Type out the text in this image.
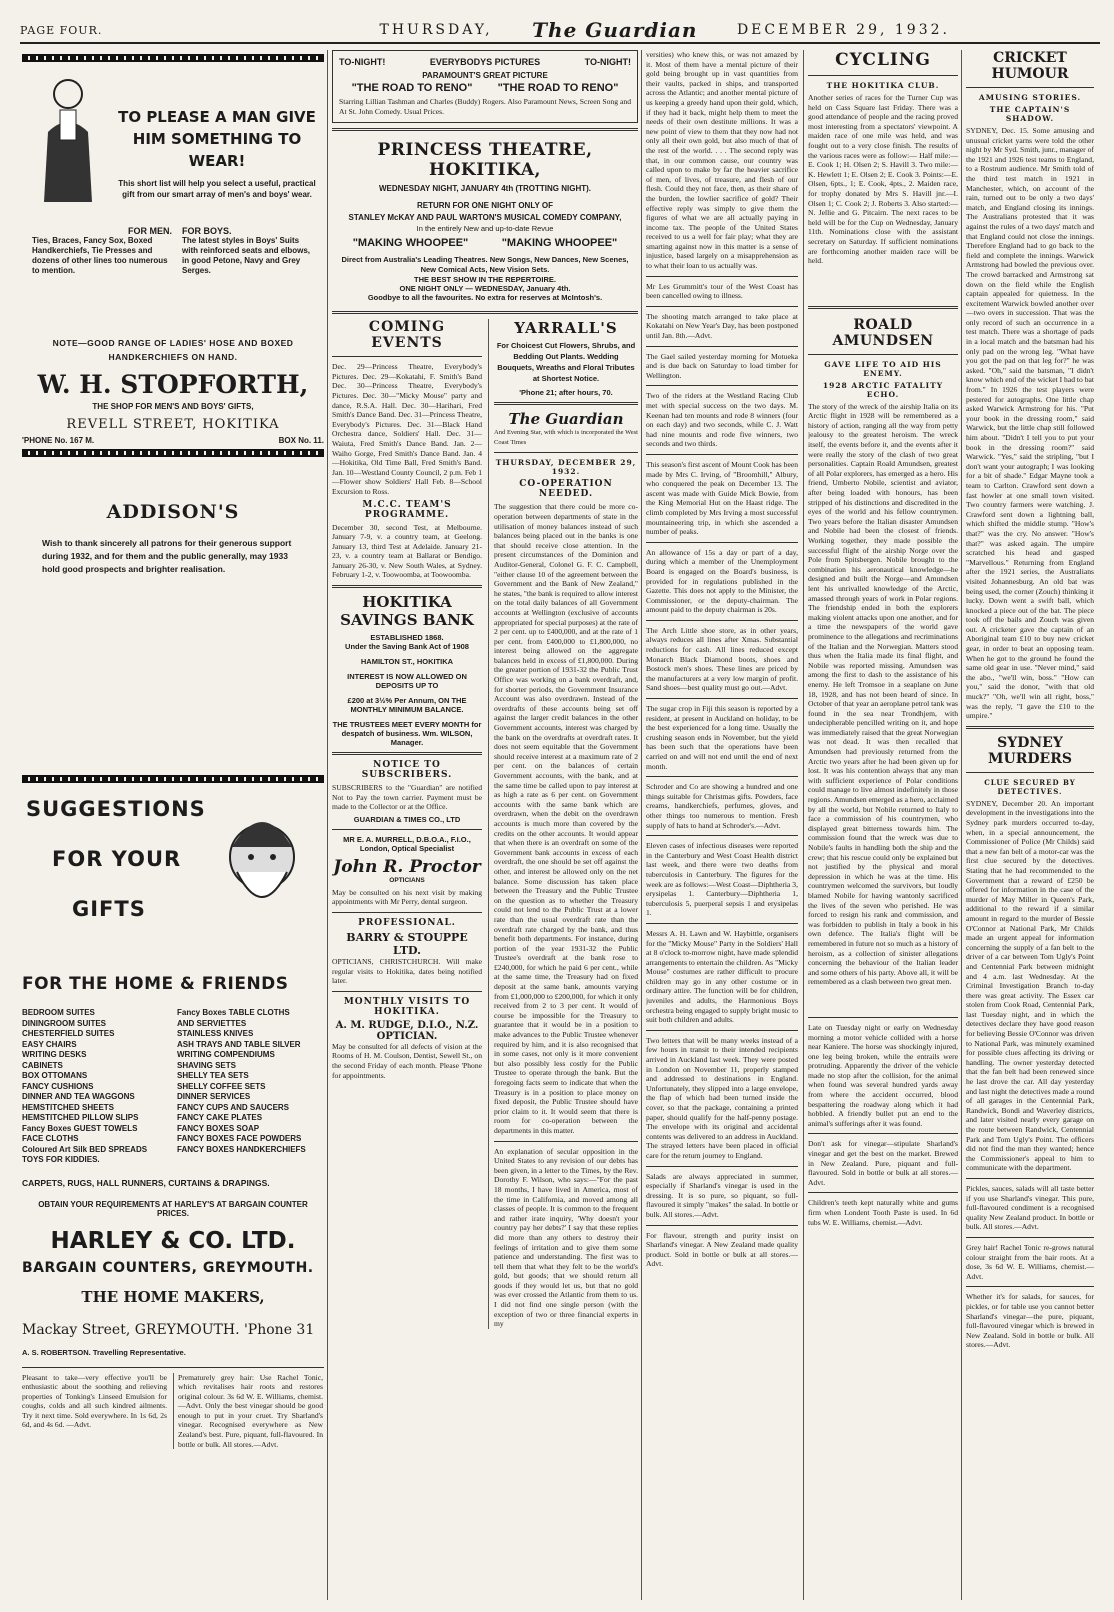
PAGE FOUR.	THURSDAY, The Guardian	DECEMBER 29, 1932.
TO PLEASE A MAN GIVE HIM SOMETHING TO WEAR!
This short list will help you select a useful, practical gift from our smart array of men's and boys' wear.
FOR MEN.
Ties, Braces, Fancy Sox, Boxed Handkerchiefs, Tie Presses and dozens of other lines too numerous to mention.
FOR BOYS.
The latest styles in Boys' Suits with reinforced seats and elbows, in good Petone, Navy and Grey Serges.
NOTE—GOOD RANGE OF LADIES' HOSE AND BOXED HANDKERCHIEFS ON HAND.
W. H. STOPFORTH,
THE SHOP FOR MEN'S AND BOYS' GIFTS,
REVELL STREET, HOKITIKA
'PHONE No. 167 M.	BOX No. 11.
ADDISON'S
Wish to thank sincerely all patrons for their generous support during 1932, and for them and the public generally, may 1933 hold good prospects and brighter realisation.
SUGGESTIONS
FOR YOUR
GIFTS
FOR THE HOME & FRIENDS
BEDROOM SUITES
DININGROOM SUITES
CHESTERFIELD SUITES
EASY CHAIRS
WRITING DESKS
CABINETS
BOX OTTOMANS
FANCY CUSHIONS
DINNER AND TEA WAGGONS
HEMSTITCHED SHEETS
HEMSTITCHED PILLOW SLIPS
Fancy Boxes GUEST TOWELS
FACE CLOTHS
Coloured Art Silk BED SPREADS
TOYS FOR KIDDIES.
Fancy Boxes TABLE CLOTHS
AND SERVIETTES
STAINLESS KNIVES
ASH TRAYS AND TABLE SILVER
WRITING COMPENDIUMS
SHAVING SETS
SHELLY TEA SETS
SHELLY COFFEE SETS
DINNER SERVICES
FANCY CUPS AND SAUCERS
FANCY CAKE PLATES
FANCY BOXES SOAP
FANCY BOXES FACE POWDERS
FANCY BOXES HANDKERCHIEFS
CARPETS, RUGS, HALL RUNNERS, CURTAINS & DRAPINGS.
OBTAIN YOUR REQUIREMENTS AT HARLEY'S AT BARGAIN COUNTER PRICES.
HARLEY & CO. LTD.
BARGAIN COUNTERS, GREYMOUTH.
THE HOME MAKERS,
Mackay Street, GREYMOUTH. 'Phone 31
A. S. ROBERTSON. Travelling Representative.
Pleasant to take—very effective you'll be enthusiastic about the soothing and relieving properties of Tonking's Linseed Emulsion for coughs, colds and all such kindred ailments. Try it next time. Sold everywhere. In 1s 6d, 2s 6d, and 4s 6d. —Advt.
Prematurely grey hair: Use Rachel Tonic, which revitalises hair roots and restores original colour. 3s 6d W. E. Williams, chemist.—Advt. Only the best vinegar should be good enough to put in your cruet. Try Sharland's vinegar. Recognised everywhere as New Zealand's best. Pure, piquant, full-flavoured. In bottle or bulk. All stores.—Advt.
TO-NIGHT!	EVERYBODYS PICTURES	TO-NIGHT!
PARAMOUNT'S GREAT PICTURE
"THE ROAD TO RENO" "THE ROAD TO RENO"
Starring Lillian Tashman and Charles (Buddy) Rogers. Also Paramount News, Screen Song and At St. John Comedy. Usual Prices.
PRINCESS THEATRE, HOKITIKA,
WEDNESDAY NIGHT, JANUARY 4th (TROTTING NIGHT).
RETURN FOR ONE NIGHT ONLY OF
STANLEY McKAY AND PAUL WARTON'S MUSICAL COMEDY COMPANY,
In the entirely New and up-to-date Revue
"MAKING WHOOPEE"	"MAKING WHOOPEE"
Direct from Australia's Leading Theatres. New Songs, New Dances, New Scenes, New Comical Acts, New Vision Sets.
THE BEST SHOW IN THE REPERTOIRE.
ONE NIGHT ONLY — WEDNESDAY, January 4th.
Goodbye to all the favourites. No extra for reserves at McIntosh's.
COMING EVENTS
Dec. 29—Princess Theatre, Everybody's Pictures. Dec. 29—Kokatahi, F. Smith's Band Dec. 30—Princess Theatre, Everybody's Pictures. Dec. 30—"Micky Mouse" party and dance, R.S.A. Hall. Dec. 30—Harihari, Fred Smith's Dance Band. Dec. 31—Princess Theatre, Everybody's Pictures. Dec. 31—Black Hand Orchestra dance, Soldiers' Hall. Dec. 31—Waiuta, Fred Smith's Dance Band. Jan. 2—Waiho Gorge, Fred Smith's Dance Band. Jan. 4—Hokitika, Old Time Ball, Fred Smith's Band. Jan. 10—Westland County Council, 2 p.m. Feb 1—Flower show Soldiers' Hall Feb. 8—School Excursion to Ross.
M.C.C. TEAM'S PROGRAMME.
December 30, second Test, at Melbourne. January 7-9, v. a country team, at Geelong. January 13, third Test at Adelaide. January 21-23, v. a country team at Ballarat or Bendigo. January 26-30, v. New South Wales, at Sydney. February 1-2, v. Toowoomba, at Toowoomba.
HOKITIKA SAVINGS BANK
ESTABLISHED 1868.
Under the Saving Bank Act of 1908
HAMILTON ST., HOKITIKA
INTEREST IS NOW ALLOWED ON DEPOSITS UP TO
£200 at 3½% Per Annum, ON THE MONTHLY MINIMUM BALANCE.
THE TRUSTEES MEET EVERY MONTH for despatch of business. Wm. WILSON, Manager.
NOTICE TO SUBSCRIBERS.
SUBSCRIBERS to the "Guardian" are notified Not to Pay the town carrier. Payment must be made to the Collector or at the Office.
GUARDIAN & TIMES CO., LTD
MR E. A. MURRELL, D.B.O.A., F.I.O., London, Optical Specialist
John R. Proctor
OPTICIANS
May be consulted on his next visit by making appointments with Mr Perry, dental surgeon.
PROFESSIONAL.
BARRY & STOUPPE LTD.
OPTICIANS, CHRISTCHURCH. Will make regular visits to Hokitika, dates being notified later.
MONTHLY VISITS TO HOKITIKA.
A. M. RUDGE, D.I.O., N.Z. OPTICIAN.
May be consulted for all defects of vision at the Rooms of H. M. Coulson, Dentist, Sewell St., on the second Friday of each month. Please 'Phone for appointments.
YARRALL'S
For Choicest Cut Flowers, Shrubs, and Bedding Out Plants. Wedding Bouquets, Wreaths and Floral Tributes at Shortest Notice.
'Phone 21; after hours, 70.
The Guardian
And Evening Star, with which is incorporated the West Coast Times
THURSDAY, DECEMBER 29, 1932.
CO-OPERATION NEEDED.
The suggestion that there could be more co-operation between departments of state in the utilisation of money balances instead of such balances being placed out in the banks is one that should receive close attention. In the present circumstances of the Dominion and Auditor-General, Colonel G. F. C. Campbell, "either clause 10 of the agreement between the Government and the Bank of New Zealand," he states, "the bank is required to allow interest on the total daily balances of all Government accounts at Wellington (exclusive of accounts appropriated for special purposes) at the rate of 2 per cent. up to £400,000, and at the rate of 1 per cent. from £400,000 to £1,800,000, no interest being allowed on the aggregate balances held in excess of £1,800,000. During the greater portion of 1931-32 the Public Trust Office was working on a bank overdraft, and, for shorter periods, the Government Insurance Account was also overdrawn. Instead of the overdrafts of these accounts being set off against the larger credit balances in the other Government accounts, interest was charged by the bank on the overdrafts at overdraft rates. It does not seem equitable that the Government should receive interest at a maximum rate of 2 per cent. on the balances of certain Government accounts, with the bank, and at the same time be called upon to pay interest at as high a rate as 6 per cent. on Government accounts with the same bank which are overdrawn, when the debit on the overdrawn accounts is much more than covered by the credits on the other accounts. It would appear that when there is an overdraft on some of the Government bank accounts in excess of each overdraft, the one should be set off against the other, and interest be allowed only on the net balance. Some discussion has taken place between the Treasury and the Public Trustee on the question as to whether the Treasury could not lend to the Public Trust at a lower rate than the usual overdraft rate than the overdraft rate charged by the bank, and thus benefit both departments. For instance, during portion of the year 1931-32 the Public Trustee's overdraft at the bank rose to £240,000, for which he paid 6 per cent., while at the same time, the Treasury had on fixed deposit at the same bank, amounts varying from £1,000,000 to £200,000, for which it only received from 2 to 3 per cent. It would of course be impossible for the Treasury to guarantee that it would be in a position to make advances to the Public Trustee whenever required by him, and it is also recognised that in some cases, not only is it more convenient but also possibly less costly for the Public Trustee to operate through the bank. But the foregoing facts seem to indicate that when the Treasury is in a position to place money on fixed deposit, the Public Trustee should have prior claim to it. It would seem that there is room for co-operation between the departments in this matter.
An explanation of secular opposition in the United States to any revision of our debts has been given, in a letter to the Times, by the Rev. Dorothy F. Wilson, who says:—"For the past 18 months, I have lived in America, most of the time in California, and moved among all classes of people. It is common to the frequent and rather irate inquiry, 'Why doesn't your country pay her debts?' I say that these replies did more than any others to destroy their feelings of irritation and to give them some patience and understanding. The first was to tell them that what they felt to be the world's gold, but goods; that we should return all goods if they would let us, but that no gold was ever crossed the Atlantic from them to us. I did not find one single person (with the exception of two or three financial experts in my
versities) who knew this, or was not amazed by it. Most of them have a mental picture of their gold being brought up in vast quantities from their vaults, packed in ships, and transported across the Atlantic; and another mental picture of us keeping a greedy hand upon their gold, which, if they had it back, might help them to meet the needs of their own destitute millions. It was a new point of view to them that they now had not only all their own gold, but also much of that of the rest of the world. . . . The second reply was that, in our common cause, our country was called upon to make by far the heavier sacrifice of men, of lives, of treasure, and flesh of our flesh. Could they not face, then, as their share of the burden, the lowlier sacrifice of gold? Their effective reply was simply to give them the figures of what we are all actually paying in income tax. The people of the United States received to us a well for fair play; what they are smarting against now in this matter is a sense of injustice, based largely on a misapprehension as to what their loan to us actually was.
Mr Les Grummitt's tour of the West Coast has been cancelled owing to illness.
The shooting match arranged to take place at Kokatahi on New Year's Day, has been postponed until Jan. 8th.—Advt.
The Gael sailed yesterday morning for Motueka and is due back on Saturday to load timber for Wellington.
Two of the riders at the Westland Racing Club met with special success on the two days. M. Keenan had ten mounts and rode 8 winners (four on each day) and two seconds, while C. J. Watt had nine mounts and rode five winners, two seconds and two thirds.
This season's first ascent of Mount Cook has been made by Mrs C. Irving, of "Broomhill," Albury, who conquered the peak on December 13. The ascent was made with Guide Mick Bowie, from the King Memorial Hut on the Haast ridge. The climb completed by Mrs Irving a most successful mountaineering trip, in which she ascended a number of peaks.
An allowance of 15s a day or part of a day, during which a member of the Unemployment Board is engaged on the Board's business, is provided for in regulations published in the Gazette. This does not apply to the Minister, the Commissioner, or the deputy-chairman. The amount paid to the deputy chairman is 20s.
The Arch Little shoe store, as in other years, always reduces all lines after Xmas. Substantial reductions for cash. All lines reduced except Monarch Black Diamond boots, shoes and Bostock men's shoes. These lines are priced by the manufacturers at a very low margin of profit. Sand shoes—best quality must go out.—Advt.
The sugar crop in Fiji this season is reported by a resident, at present in Auckland on holiday, to be the best experienced for a long time. Usually the crushing season ends in November, but the yield has been such that the operations have been carried on and will not end until the end of next month.
Schroder and Co are showing a hundred and one things suitable for Christmas gifts. Powders, face creams, handkerchiefs, perfumes, gloves, and other things too numerous to mention. Fresh supply of hats to hand at Schroder's.—Advt.
Eleven cases of infectious diseases were reported in the Canterbury and West Coast Health district last week, and there were two deaths from tuberculosis in Canterbury. The figures for the week are as follows:—West Coast—Diphtheria 3, erysipelas 1. Canterbury—Diphtheria 1, tuberculosis 5, puerperal sepsis 1 and erysipelas 1.
Messrs A. H. Lawn and W. Haybittle, organisers for the "Micky Mouse" Party in the Soldiers' Hall at 8 o'clock to-morrow night, have made splendid arrangements to entertain the children. As "Micky Mouse" costumes are rather difficult to procure children may go in any other costume or in ordinary attire. The function will be for children, juveniles and adults, the Harmonious Boys orchestra being engaged to supply bright music to suit both children and adults.
Two letters that will be many weeks instead of a few hours in transit to their intended recipients arrived in Auckland last week. They were posted in London on November 11, properly stamped and addressed to destinations in England. Unfortunately, they slipped into a large envelope, the flap of which had been turned inside the cover, so that the package, containing a printed paper, should qualify for the half-penny postage. The envelope with its original and accidental contents was delivered to an address in Auckland. The strayed letters have been placed in official care for the return journey to England.
Salads are always appreciated in summer, especially if Sharland's vinegar is used in the dressing. It is so pure, so piquant, so full-flavoured it simply "makes" the salad. In bottle or bulk. All stores.—Advt.
For flavour, strength and purity insist on Sharland's vinegar. A New Zealand made quality product. Sold in bottle or bulk at all stores.—Advt.
CYCLING
THE HOKITIKA CLUB.
Another series of races for the Turner Cup was held on Cass Square last Friday. There was a good attendance of people and the racing proved most interesting from a spectators' viewpoint. A maiden race of one mile was held, and was fought out to a very close finish. The results of the various races were as follow:— Half mile:—E. Cook 1; H. Olsen 2; S. Havill 3. Two mile:—K. Hewlett 1; E. Olsen 2; E. Cook 3. Points:—E. Olsen, 6pts., 1; E. Cook, 4pts., 2. Maiden race, for trophy donated by Mrs S. Havill jnr.—I. Olsen 1; C. Cook 2; J. Roberts 3. Also started:—N. Jellie and G. Pitcairn. The next races to be held will be for the Cup on Wednesday, January 11th. Nominations close with the assistant secretary on Saturday. If sufficient nominations are forthcoming another maiden race will be held.
ROALD AMUNDSEN
GAVE LIFE TO AID HIS ENEMY.
1928 ARCTIC FATALITY ECHO.
The story of the wreck of the airship Italia on its Arctic flight in 1928 will be remembered as a history of action, ranging all the way from petty jealousy to the greatest heroism. The wreck itself, the events before it, and the events after it were really the story of the clash of two great personalities. Captain Roald Amundsen, greatest of all Polar explorers, has emerged as a hero. His friend, Umberto Nobile, scientist and aviator, after being loaded with honours, has been stripped of his distinctions and discredited in the eyes of the world and his fellow countrymen. Two years before the Italian disaster Amundsen and Nobile had been the closest of friends. Working together, they made possible the successful flight of the airship Norge over the Pole from Spitsbergen. Nobile brought to the combination his aeronautical knowledge—he designed and built the Norge—and Amundsen lent his unrivalled knowledge of the Arctic, amassed through years of work in Polar regions. The friendship ended in both the explorers making violent attacks upon one another, and for a time the newspapers of the world gave prominence to the allegations and recriminations of the Italian and the Norwegian. Matters stood thus when the Italia made its final flight, and Nobile was reported missing. Amundsen was among the first to dash to the assistance of his enemy. He left Tromsoe in a seaplane on June 18, 1928, and has not been heard of since. In October of that year an aeroplane petrol tank was found in the sea near Trondhjem, with undecipherable pencilled writing on it, and hope was immediately raised that the great Norwegian was not dead. It was then recalled that Amundsen had previously returned from the Arctic two years after he had been given up for lost. It was his contention always that any man with sufficient experience of Polar conditions could manage to live almost indefinitely in those regions. Amundsen emerged as a hero, acclaimed by all the world, but Nobile returned to Italy to face a commission of his countrymen, who displayed great bitterness towards him. The commission found that the wreck was due to Nobile's faults in handling both the ship and the crew; that his rescue could only be explained but not justified by the physical and moral depression in which he was at the time. His countrymen welcomed the survivors, but loudly blamed Nobile for having wantonly sacrificed the lives of the seven who perished. He was forced to resign his rank and commission, and was forbidden to publish in Italy a book in his own defence. The Italia's flight will be remembered in future not so much as a history of heroism, as a collection of sinister allegations concerning the behaviour of the Italian leader and some others of his party. Above all, it will be remembered as a clash between two great men.
Late on Tuesday night or early on Wednesday morning a motor vehicle collided with a horse near Kaniere. The horse was shockingly injured, one leg being broken, while the entrails were protruding. Apparently the driver of the vehicle made no stop after the collision, for the animal when found was several hundred yards away from where the accident occurred, blood bespattering the roadway along which it had hobbled. A friendly bullet put an end to the animal's sufferings after it was found.
Don't ask for vinegar—stipulate Sharland's vinegar and get the best on the market. Brewed in New Zealand. Pure, piquant and full-flavoured. Sold in bottle or bulk at all stores.—Advt.
Children's teeth kept naturally white and gums firm when Londent Tooth Paste is used. In 6d tubs W. E. Williams, chemist.—Advt.
CRICKET HUMOUR
AMUSING STORIES.
THE CAPTAIN'S SHADOW.
SYDNEY, Dec. 15. Some amusing and unusual cricket yarns were told the other night by Mr Syd. Smith, junr., manager of the 1921 and 1926 test teams to England, to a Rostrum audience. Mr Smith told of the third test match in 1921 in Manchester, which, on account of the rain, turned out to be only a two days' match, and England closing its innings. The Australians protested that it was against the rules of a two days' match and that England could not close the innings. Therefore England had to go back to the field and complete the innings. Warwick Armstrong had bowled the previous over. The crowd barracked and Armstrong sat down on the field while the English captain appealed for quietness. In the excitement Warwick bowled another over—two overs in succession. That was the only record of such an occurrence in a test match. There was a shortage of pads in a local match and the batsman had his only pad on the wrong leg. "What have you got the pad on that leg for?" he was asked. "Oh," said the batsman, "I didn't know which end of the wicket I had to bat from." In 1926 the test players were pestered for autographs. One little chap asked Warwick Armstrong for his. "Put your book in the dressing room," said Warwick, but the little chap still followed him about. "Didn't I tell you to put your book in the dressing room?" said Warwick. "Yes," said the stripling, "but I don't want your autograph; I was looking for a bit of shade." Edgar Mayne took a team to Carlton. Crawford sent down a fast howler at one small town visited. Two country farmers were watching. J. Crawford sent down a lightning ball, which shifted the middle stump. "How's that?" was the cry. No answer. "How's that?" was asked again. The umpire scratched his head and gasped "Marvellous." Returning from England after the 1921 series, the Australians visited Johannesburg. An old bat was being used, the corner (Zouch) thinking it lucky. Down went a swift ball, which knocked a piece out of the bat. The piece took off the bails and Zouch was given out. A cricketer gave the captain of an Aboriginal team £10 to buy new cricket gear, in order to beat an opposing team. When he got to the ground he found the same old gear in use. "Never mind," said the abo., "we'll win, boss." "How can you," said the donor, "with that old muck?" "Oh, we'll win all right, boss," was the reply, "I gave the £10 to the umpire."
SYDNEY MURDERS
CLUE SECURED BY DETECTIVES.
SYDNEY, December 20. An important development in the investigations into the Sydney park murders occurred to-day, when, in a special announcement, the Commissioner of Police (Mr Childs) said that a new fan belt of a motor-car was the first clue secured by the detectives. Stating that he had recommended to the Government that a reward of £250 be offered for information in the case of the murder of May Miller in Queen's Park, additional to the reward if a similar amount in regard to the murder of Bessie O'Connor at National Park, Mr Childs made an urgent appeal for information concerning the supply of a fan belt to the driver of a car between Tom Ugly's Point and Centennial Park between midnight and 4 a.m. last Wednesday. At the Criminal Investigation Branch to-day there was great activity. The Essex car stolen from Cook Road, Centennial Park, last Tuesday night, and in which the detectives declare they have good reason for believing Bessie O'Connor was driven to National Park, was minutely examined for possible clues affecting its driving or handling. The owner yesterday detected that the fan belt had been renewed since he last drove the car. All day yesterday and last night the detectives made a round of all garages in the Centennial Park, Randwick, Bondi and Waverley districts, and later visited nearly every garage on the route between Randwick, Centennial Park and Tom Ugly's Point. The officers did not find the man they wanted; hence the Commissioner's appeal to him to communicate with the department.
Pickles, sauces, salads will all taste better if you use Sharland's vinegar. This pure, full-flavoured condiment is a recognised quality New Zealand product. In bottle or bulk. All stores.—Advt.
Grey hair! Rachel Tonic re-grows natural colour straight from the hair roots. At a dose, 3s 6d W. E. Williams, chemist.—Advt.
Whether it's for salads, for sauces, for pickles, or for table use you cannot better Sharland's vinegar—the pure, piquant, full-flavoured vinegar which is brewed in New Zealand. Sold in bottle or bulk. All stores.—Advt.
